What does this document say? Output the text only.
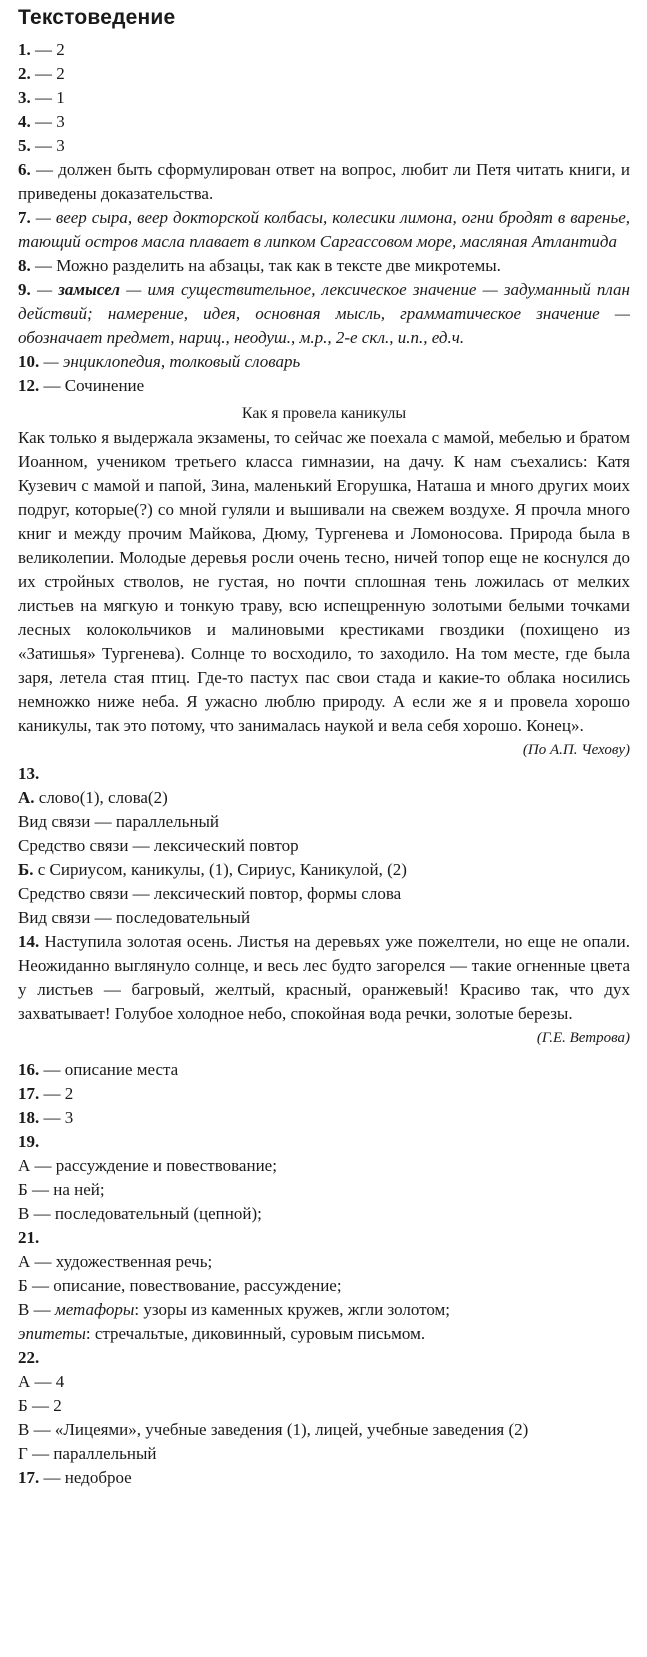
Текстоведение
1. — 2
2. — 2
3. — 1
4. — 3
5. — 3

6. — должен быть сформулирован ответ на вопрос, любит ли Петя читать книги, и приведены доказательства.

7. — веер сыра, веер докторской колбасы, колесики лимона, огни бродят в варенье, тающий остров масла плавает в липком Саргассовом море, масляная Атлантида

8. — Можно разделить на абзацы, так как в тексте две микротемы.

9. — замысел — имя существительное, лексическое значение — задуманный план действий; намерение, идея, основная мысль, грамматическое значение — обозначает предмет, нариц., неодуш., м.р., 2-е скл., и.п., ед.ч.

10. — энциклопедия, толковый словарь
12. — Сочинение
Как я провела каникулы

Как только я выдержала экзамены, то сейчас же поехала с мамой, мебелью и братом Иоанном, учеником третьего класса гимназии, на дачу. К нам съехались: Катя Кузевич с мамой и папой, Зина, маленький Егорушка, Наташа и много других моих подруг, которые(?) со мной гуляли и вышивали на свежем воздухе. Я прочла много книг и между прочим Майкова, Дюму, Тургенева и Ломоносова. Природа была в великолепии. Молодые деревья росли очень тесно, ничей топор еще не коснулся до их стройных стволов, не густая, но почти сплошная тень ложилась от мелких листьев на мягкую и тонкую траву, всю испещренную золотыми белыми точками лесных колокольчиков и малиновыми крестиками гвоздики (похищено из «Затишья» Тургенева). Солнце то восходило, то заходило. На том месте, где была заря, летела стая птиц. Где-то пастух пас свои стада и какие-то облака носились немножко ниже неба. Я ужасно люблю природу. А если же я и провела хорошо каникулы, так это потому, что занималась наукой и вела себя хорошо. Конец».

(По А.П. Чехову)
13.
А. слово(1), слова(2)
Вид связи — параллельный
Средство связи — лексический повтор
Б. с Сириусом, каникулы, (1), Сириус, Каникулой, (2)
Средство связи — лексический повтор, формы слова
Вид связи — последовательный

14. Наступила золотая осень. Листья на деревьях уже пожелтели, но еще не опали. Неожиданно выглянуло солнце, и весь лес будто загорелся — такие огненные цвета у листьев — багровый, желтый, красный, оранжевый! Красиво так, что дух захватывает! Голубое холодное небо, спокойная вода речки, золотые березы.

(Г.Е. Ветрова)
16. — описание места
17. — 2
18. — 3
19.
А — рассуждение и повествование;
Б — на ней;
В — последовательный (цепной);
21.
А — художественная речь;
Б — описание, повествование, рассуждение;
В — метафоры: узоры из каменных кружев, жгли золотом;
эпитеты: стречальтые, диковинный, суровым письмом.
22.
А — 4
Б — 2
В — «Лицеями», учебные заведения (1), лицей, учебные заведения (2)
Г — параллельный
17. — недоброе
